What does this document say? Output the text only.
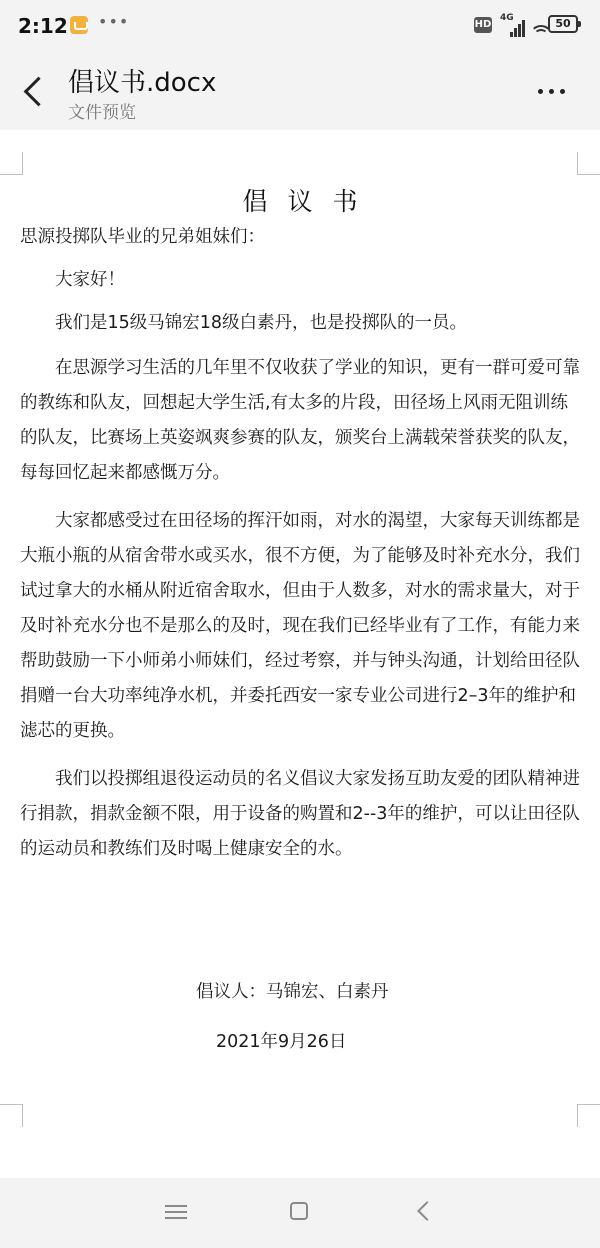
2:12 •••	HD
4G	50
倡议书.docx
文件预览
倡议书

思源投掷队毕业的兄弟姐妹们：

大家好！

我们是15级马锦宏18级白素丹，也是投掷队的一员。

在思源学习生活的几年里不仅收获了学业的知识，更有一群可爱可靠的教练和队友，回想起大学生活,有太多的片段，田径场上风雨无阻训练的队友，比赛场上英姿飒爽参赛的队友，颁奖台上满载荣誉获奖的队友，每每回忆起来都感慨万分。

大家都感受过在田径场的挥汗如雨，对水的渴望，大家每天训练都是大瓶小瓶的从宿舍带水或买水，很不方便，为了能够及时补充水分，我们试过拿大的水桶从附近宿舍取水，但由于人数多，对水的需求量大，对于及时补充水分也不是那么的及时，现在我们已经毕业有了工作，有能力来帮助鼓励一下小师弟小师妹们，经过考察，并与钟头沟通，计划给田径队捐赠一台大功率纯净水机，并委托西安一家专业公司进行2–3年的维护和滤芯的更换。

我们以投掷组退役运动员的名义倡议大家发扬互助友爱的团队精神进行捐款，捐款金额不限，用于设备的购置和2--3年的维护，可以让田径队的运动员和教练们及时喝上健康安全的水。

倡议人：马锦宏、白素丹
2021年9月26日
